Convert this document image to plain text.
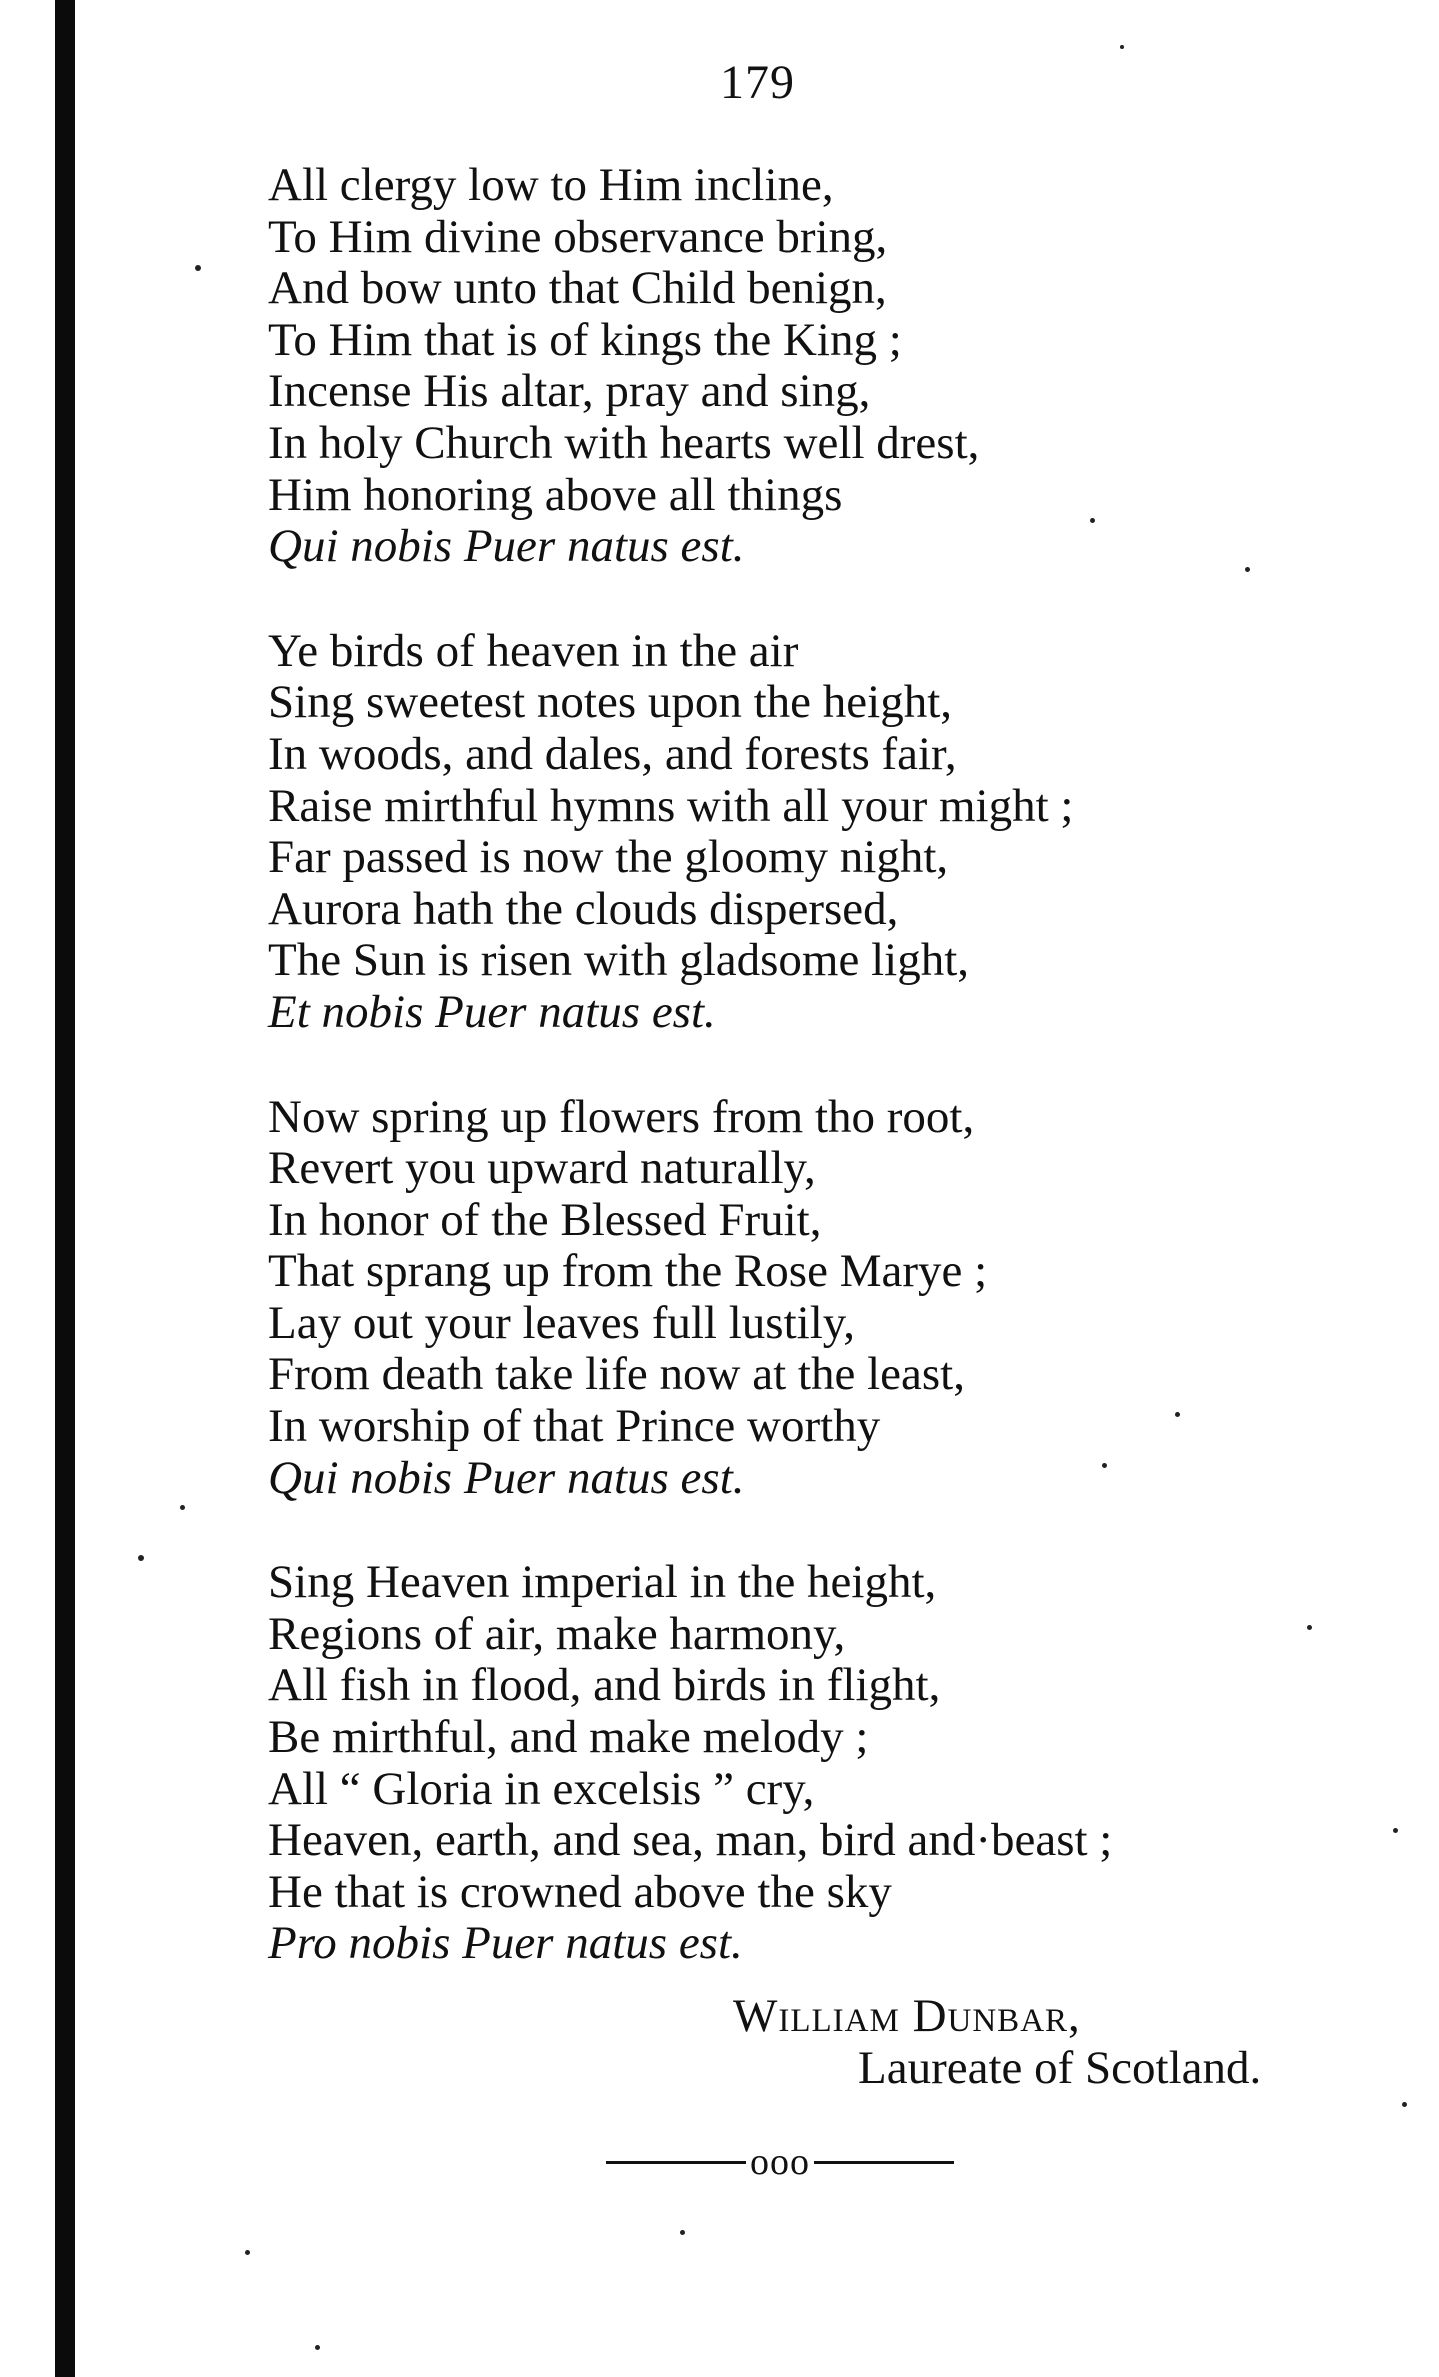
179
All clergy low to Him incline,
To Him divine observance bring,
And bow unto that Child benign,
To Him that is of kings the King ;
Incense His altar, pray and sing,
In holy Church with hearts well drest,
Him honoring above all things
Qui nobis Puer natus est.
Ye birds of heaven in the air
Sing sweetest notes upon the height,
In woods, and dales, and forests fair,
Raise mirthful hymns with all your might ;
Far passed is now the gloomy night,
Aurora hath the clouds dispersed,
The Sun is risen with gladsome light,
Et nobis Puer natus est.
Now spring up flowers from tho root,
Revert you upward naturally,
In honor of the Blessed Fruit,
That sprang up from the Rose Marye ;
Lay out your leaves full lustily,
From death take life now at the least,
In worship of that Prince worthy
Qui nobis Puer natus est.
Sing Heaven imperial in the height,
Regions of air, make harmony,
All fish in flood, and birds in flight,
Be mirthful, and make melody ;
All “ Gloria in excelsis ” cry,
Heaven, earth, and sea, man, bird and·beast ;
He that is crowned above the sky
Pro nobis Puer natus est.
William Dunbar,
Laureate of Scotland.
ooo
